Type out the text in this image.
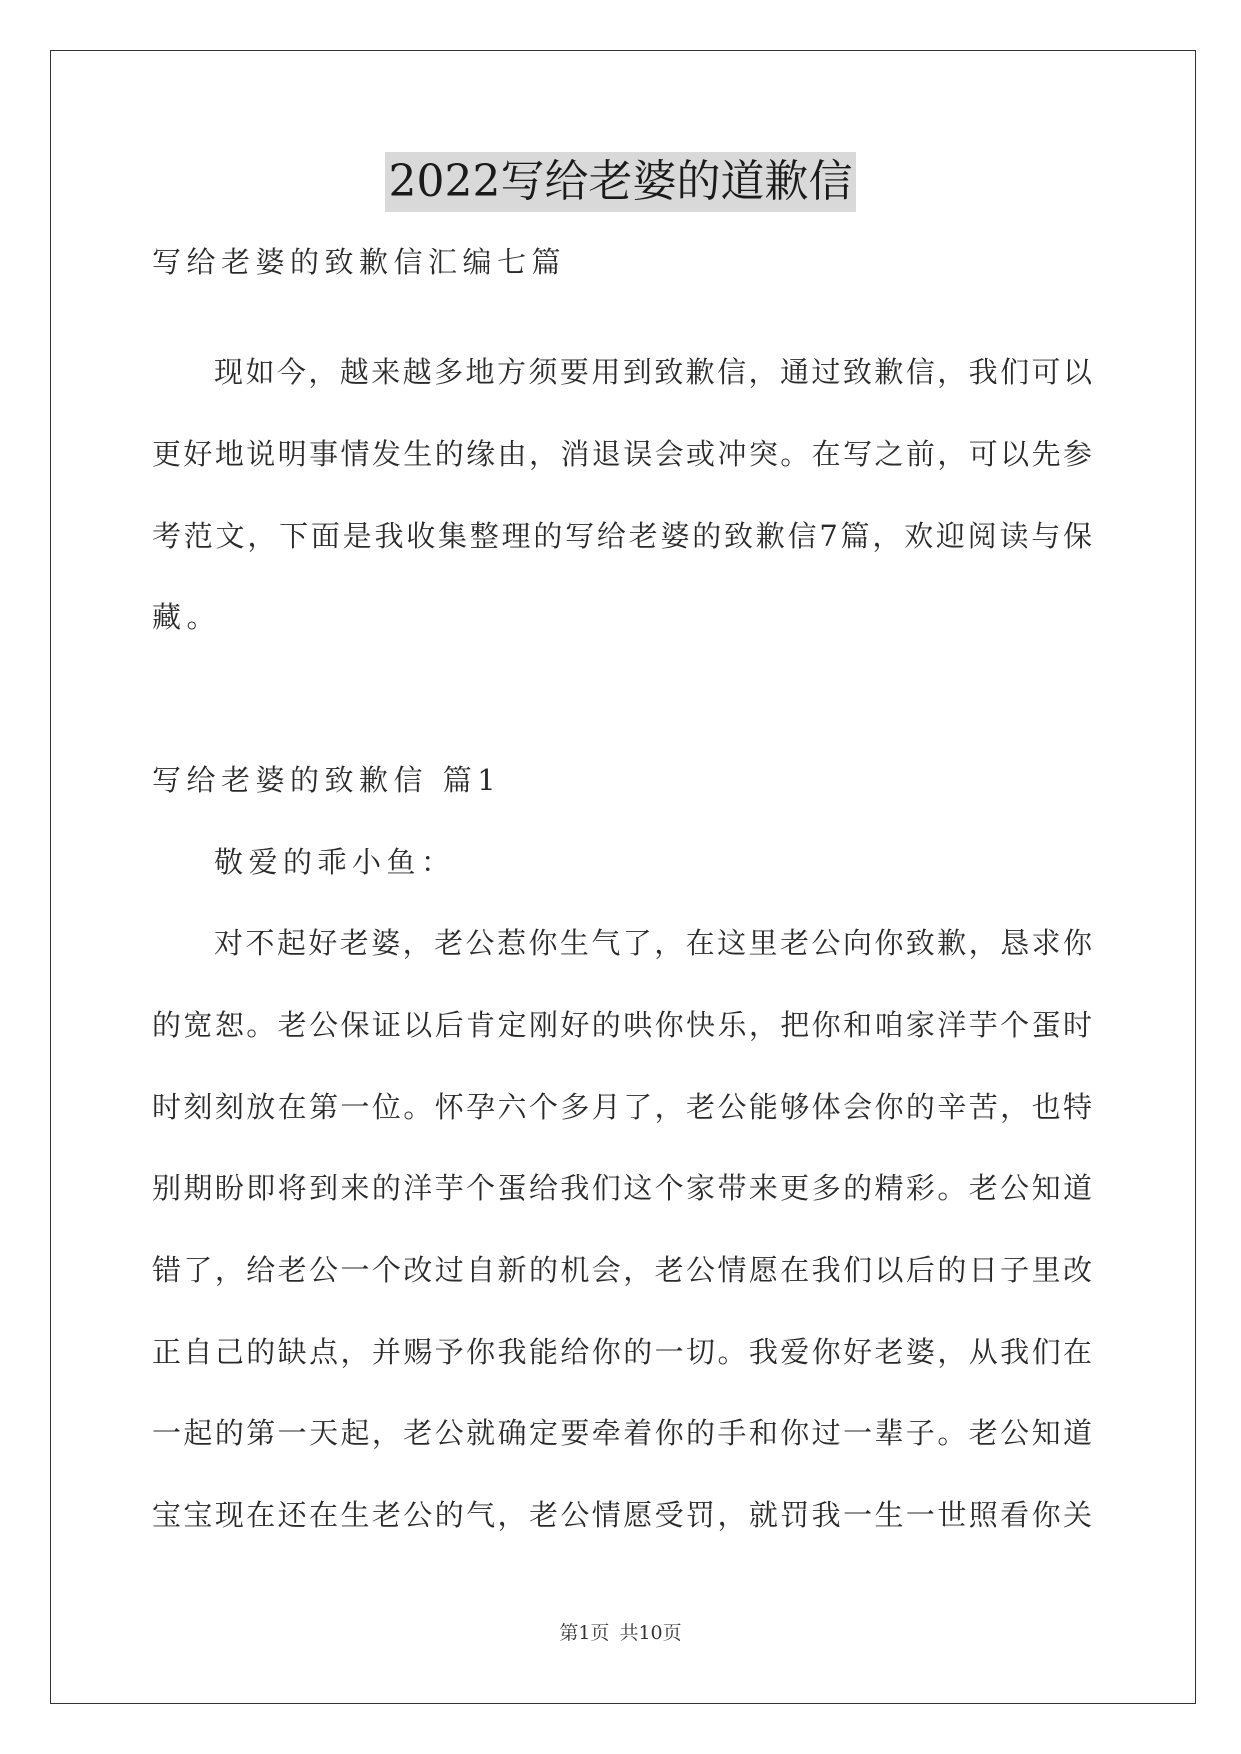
2022写给老婆的道歉信
写给老婆的致歉信汇编七篇
现如今，越来越多地方须要用到致歉信，通过致歉信，我们可以
更好地说明事情发生的缘由，消退误会或冲突。在写之前，可以先参
考范文，下面是我收集整理的写给老婆的致歉信7篇，欢迎阅读与保
藏。
写给老婆的致歉信 篇1
敬爱的乖小鱼：
对不起好老婆，老公惹你生气了，在这里老公向你致歉，恳求你
的宽恕。老公保证以后肯定刚好的哄你快乐，把你和咱家洋芋个蛋时
时刻刻放在第一位。怀孕六个多月了，老公能够体会你的辛苦，也特
别期盼即将到来的洋芋个蛋给我们这个家带来更多的精彩。老公知道
错了，给老公一个改过自新的机会，老公情愿在我们以后的日子里改
正自己的缺点，并赐予你我能给你的一切。我爱你好老婆，从我们在
一起的第一天起，老公就确定要牵着你的手和你过一辈子。老公知道
宝宝现在还在生老公的气，老公情愿受罚，就罚我一生一世照看你关
第1页 共10页
